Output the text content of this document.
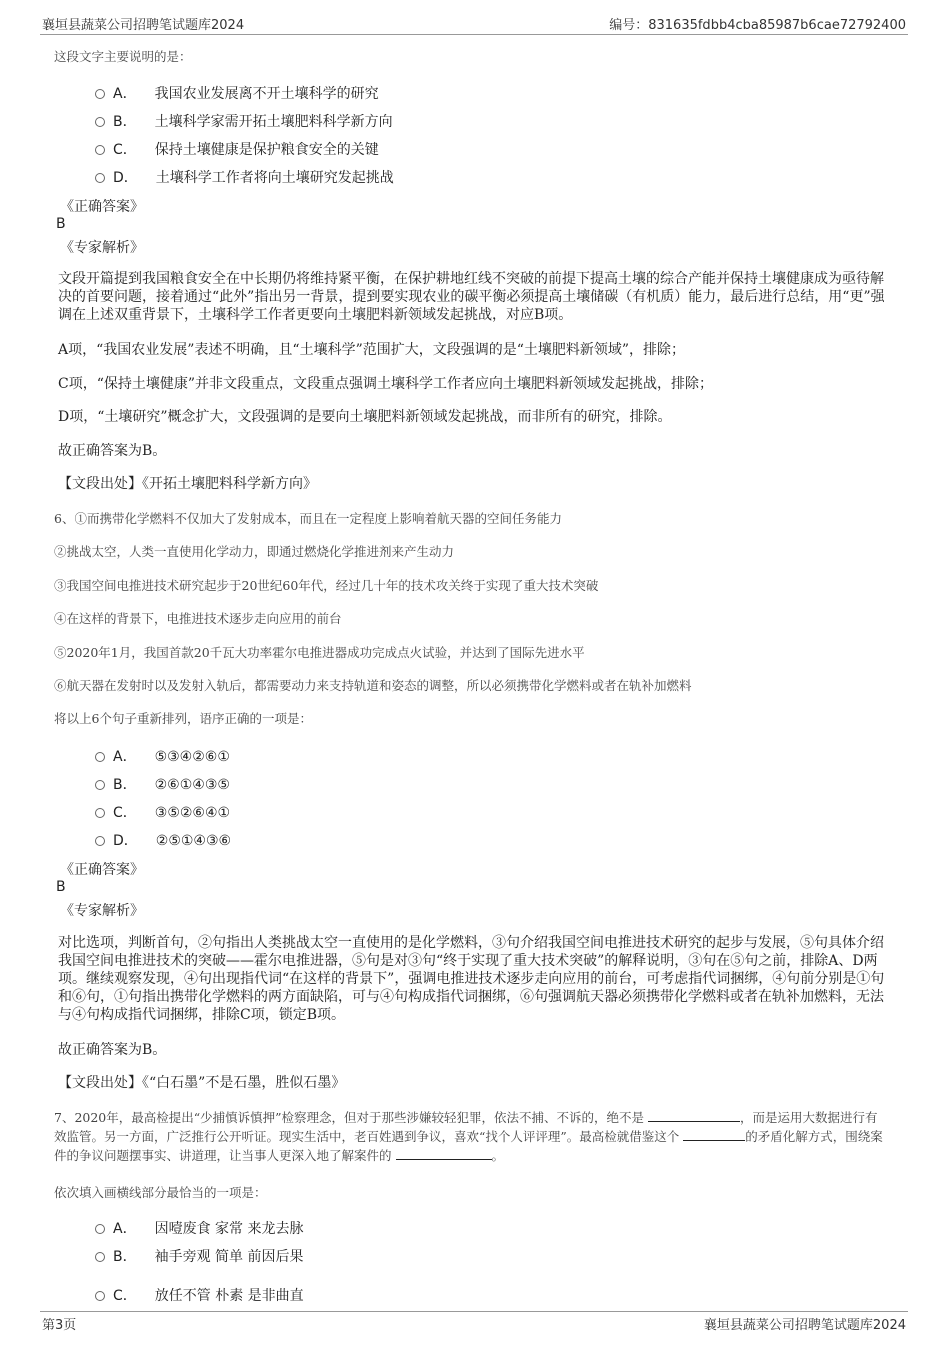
襄垣县蔬菜公司招聘笔试题库2024	编号：831635fdbb4cba85987b6cae72792400
这段文字主要说明的是：
A． 我国农业发展离不开土壤科学的研究
B． 土壤科学家需开拓土壤肥料科学新方向
C． 保持土壤健康是保护粮食安全的关键
D． 土壤科学工作者将向土壤研究发起挑战
《正确答案》
B
《专家解析》
文段开篇提到我国粮食安全在中长期仍将维持紧平衡，在保护耕地红线不突破的前提下提高土壤的综合产能并保持土壤健康成为亟待解决的首要问题，接着通过“此外”指出另一背景，提到要实现农业的碳平衡必须提高土壤储碳（有机质）能力，最后进行总结，用“更”强调在上述双重背景下，土壤科学工作者更要向土壤肥料新领域发起挑战，对应B项。
A项，“我国农业发展”表述不明确，且“土壤科学”范围扩大，文段强调的是“土壤肥料新领域”，排除；
C项，“保持土壤健康”并非文段重点，文段重点强调土壤科学工作者应向土壤肥料新领域发起挑战，排除；
D项，“土壤研究”概念扩大，文段强调的是要向土壤肥料新领域发起挑战，而非所有的研究，排除。
故正确答案为B。
【文段出处】《开拓土壤肥料科学新方向》
6、①而携带化学燃料不仅加大了发射成本，而且在一定程度上影响着航天器的空间任务能力
②挑战太空，人类一直使用化学动力，即通过燃烧化学推进剂来产生动力
③我国空间电推进技术研究起步于20世纪60年代，经过几十年的技术攻关终于实现了重大技术突破
④在这样的背景下，电推进技术逐步走向应用的前台
⑤2020年1月，我国首款20千瓦大功率霍尔电推进器成功完成点火试验，并达到了国际先进水平
⑥航天器在发射时以及发射入轨后，都需要动力来支持轨道和姿态的调整，所以必须携带化学燃料或者在轨补加燃料
将以上6个句子重新排列，语序正确的一项是：
A． ⑤③④②⑥①
B． ②⑥①④③⑤
C． ③⑤②⑥④①
D． ②⑤①④③⑥
《正确答案》
B
《专家解析》
对比选项，判断首句，②句指出人类挑战太空一直使用的是化学燃料，③句介绍我国空间电推进技术研究的起步与发展，⑤句具体介绍我国空间电推进技术的突破——霍尔电推进器，⑤句是对③句“终于实现了重大技术突破”的解释说明，③句在⑤句之前，排除A、D两项。继续观察发现，④句出现指代词“在这样的背景下”，强调电推进技术逐步走向应用的前台，可考虑指代词捆绑，④句前分别是①句和⑥句，①句指出携带化学燃料的两方面缺陷，可与④句构成指代词捆绑，⑥句强调航天器必须携带化学燃料或者在轨补加燃料，无法与④句构成指代词捆绑，排除C项，锁定B项。
故正确答案为B。
【文段出处】《“白石墨”不是石墨，胜似石墨》
7、2020年，最高检提出“少捕慎诉慎押”检察理念，但对于那些涉嫌较轻犯罪，依法不捕、不诉的，绝不是	，而是运用大数据进行有效监管。另一方面，广泛推行公开听证。现实生活中，老百姓遇到争议，喜欢“找个人评评理”。最高检就借鉴这个	的矛盾化解方式，围绕案件的争议问题摆事实、讲道理，让当事人更深入地了解案件的	。
依次填入画横线部分最恰当的一项是：
A． 因噎废食 家常 来龙去脉
B． 袖手旁观 简单 前因后果
C． 放任不管 朴素 是非曲直
第3页	襄垣县蔬菜公司招聘笔试题库2024
